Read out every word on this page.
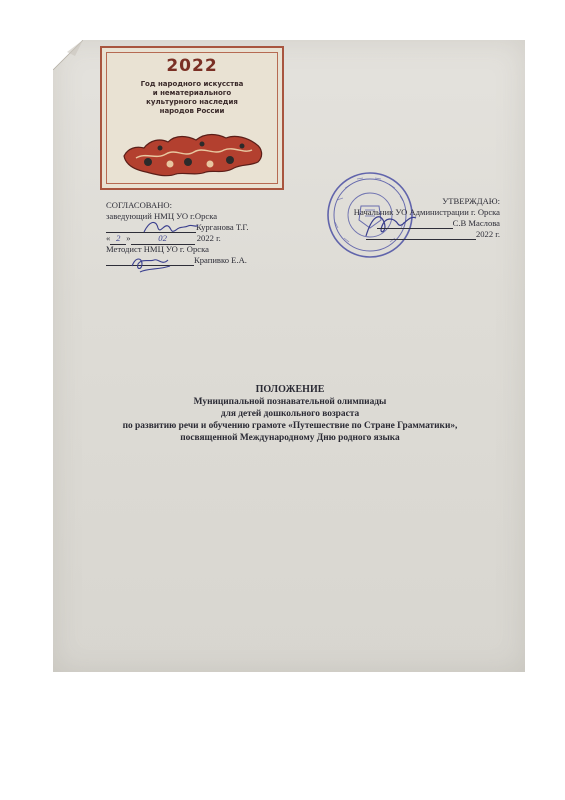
2022
Год народного искусства
и нематериального
культурного наследия
народов России
СОГЛАСОВАНО:
заведующий НМЦ УО г.Орска
Курганова Т.Г.
« 2 »	02	2022 г.
Методист НМЦ УО г. Орска
Крапивко Е.А.
УТВЕРЖДАЮ:
Начальник УО Администрации г. Орска
С.В Маслова
2022 г.
ПОЛОЖЕНИЕ
Муниципальной познавательной олимпиады
для детей дошкольного возраста
по развитию речи и обучению грамоте «Путешествие по Стране Грамматики»,
посвященной Международному Дню родного языка
